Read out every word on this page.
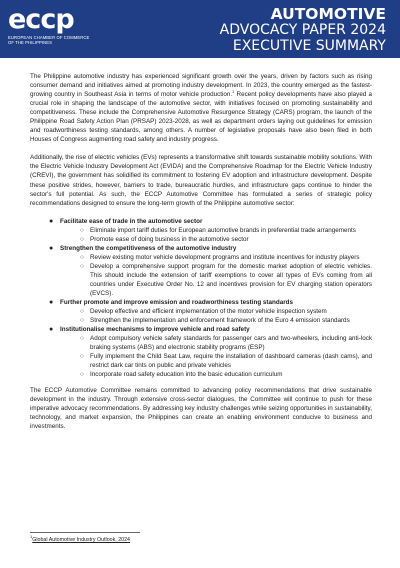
eccp
EUROPEAN CHAMBER OF COMMERCE OF THE PHILIPPINES
AUTOMOTIVE
ADVOCACY PAPER 2024
EXECUTIVE SUMMARY

The Philippine automotive industry has experienced significant growth over the years, driven by factors such as rising consumer demand and initiatives aimed at promoting industry development. In 2023, the country emerged as the fastest-growing country in Southeast Asia in terms of motor vehicle production.$^1$ Recent policy developments have also played a crucial role in shaping the landscape of the automotive sector, with initiatives focused on promoting sustainability and competitiveness. These include the Comprehensive Automotive Resurgence Strategy (CARS) program, the launch of the Philippine Road Safety Action Plan (PRSAP) 2023-2028, as well as department orders laying out guidelines for emission and roadworthiness testing standards, among others. A number of legislative proposals have also been filed in both Houses of Congress augmenting road safety and industry progress.

Additionally, the rise of electric vehicles (EVs) represents a transformative shift towards sustainable mobility solutions. With the Electric Vehicle Industry Development Act (EVIDA) and the Comprehensive Roadmap for the Electric Vehicle Industry (CREVI), the government has solidified its commitment to fostering EV adoption and infrastructure development. Despite these positive strides, however, barriers to trade, bureaucratic hurdles, and infrastructure gaps continue to hinder the sector's full potential. As such, the ECCP Automotive Committee has formulated a series of strategic policy recommendations designed to ensure the long-term growth of the Philippine automotive sector:

● Facilitate ease of trade in the automotive sector
○ Eliminate import tariff duties for European automotive brands in preferential trade arrangements
○ Promote ease of doing business in the automotive sector
● Strengthen the competitiveness of the automotive industry
○ Review existing motor vehicle development programs and institute incentives for industry players
○ Develop a comprehensive support program for the domestic market adoption of electric vehicles. This should include the extension of tariff exemptions to cover all types of EVs coming from all countries under Executive Order No. 12 and incentives provision for EV charging station operators (EVCS).
● Further promote and improve emission and roadworthiness testing standards
○ Develop effective and efficient implementation of the motor vehicle inspection system
○ Strengthen the implementation and enforcement framework of the Euro 4 emission standards
● Institutionalise mechanisms to improve vehicle and road safety
○ Adopt compulsory vehicle safety standards for passenger cars and two-wheelers, including anti-lock braking systems (ABS) and electronic stability programs (ESP)
○ Fully implement the Child Seat Law, require the installation of dashboard cameras (dash cams), and restrict dark car tints on public and private vehicles
○ Incorporate road safety education into the basic education curriculum

The ECCP Automotive Committee remains committed to advancing policy recommendations that drive sustainable development in the industry. Through extensive cross-sector dialogues, the Committee will continue to push for these imperative advocacy recommendations. By addressing key industry challenges while seizing opportunities in sustainability, technology, and market expansion, the Philippines can create an enabling environment conducive to business and investments.

$^1$Global Automotive Industry Outlook, 2024
